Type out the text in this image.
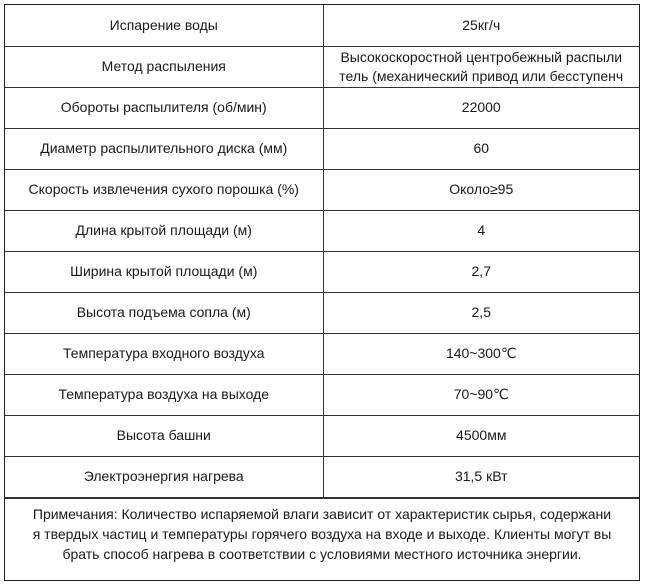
Испарение воды	25кг/ч
Метод распыления	Высокоскоростной центробежный распыли
тель (механический привод или бесступенч

Обороты распылителя (об/мин)	22000
Диаметр распылительного диска (мм)	60
Скорость извлечения сухого порошка (%)	Около≥95
Длина крытой площади (м)	4
Ширина крытой площади (м)	2,7
Высота подъема сопла (м)	2,5
Температура входного воздуха	140~300℃
Температура воздуха на выходе	70~90℃
Высота башни	4500мм
Электроэнергия нагрева	31,5 кВт
Примечания: Количество испаряемой влаги зависит от характеристик сырья, содержани
я твердых частиц и температуры горячего воздуха на входе и выходе. Клиенты могут вы
брать способ нагрева в соответствии с условиями местного источника энергии.
